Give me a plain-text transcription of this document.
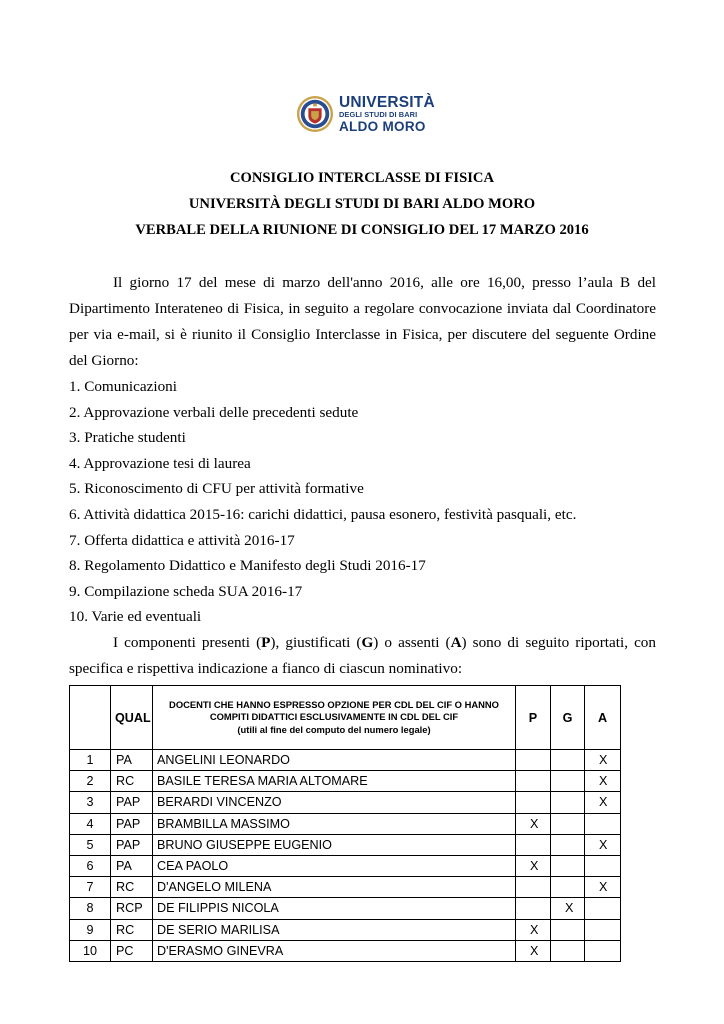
UNIVERSITÀ
DEGLI STUDI DI BARI
ALDO MORO
CONSIGLIO INTERCLASSE DI FISICA
UNIVERSITÀ DEGLI STUDI DI BARI ALDO MORO
VERBALE DELLA RIUNIONE DI CONSIGLIO DEL 17 MARZO 2016

Il giorno 17 del mese di marzo dell'anno 2016, alle ore 16,00, presso l’aula B del Dipartimento Interateneo di Fisica, in seguito a regolare convocazione inviata dal Coordinatore per via e-mail, si è riunito il Consiglio Interclasse in Fisica, per discutere del seguente Ordine del Giorno:

1. Comunicazioni
2. Approvazione verbali delle precedenti sedute
3. Pratiche studenti
4. Approvazione tesi di laurea
5. Riconoscimento di CFU per attività formative
6. Attività didattica 2015-16: carichi didattici, pausa esonero, festività pasquali, etc.
7. Offerta didattica e attività 2016-17
8. Regolamento Didattico e Manifesto degli Studi 2016-17
9. Compilazione scheda SUA 2016-17
10. Varie ed eventuali

I componenti presenti (P), giustificati (G) o assenti (A) sono di seguito riportati, con specifica e rispettiva indicazione a fianco di ciascun nominativo:

	QUAL	DOCENTI CHE HANNO ESPRESSO OPZIONE PER CDL DEL CIF O HANNO
COMPITI DIDATTICI ESCLUSIVAMENTE IN CDL DEL CIF
(utili al fine del computo del numero legale)	P	G	A
1	PA	ANGELINI LEONARDO			X
2	RC	BASILE TERESA MARIA ALTOMARE			X
3	PAP	BERARDI VINCENZO			X
4	PAP	BRAMBILLA MASSIMO	X		
5	PAP	BRUNO GIUSEPPE EUGENIO			X
6	PA	CEA PAOLO	X		
7	RC	D'ANGELO MILENA			X
8	RCP	DE FILIPPIS NICOLA		X	
9	RC	DE SERIO MARILISA	X		
10	PC	D'ERASMO GINEVRA	X		
